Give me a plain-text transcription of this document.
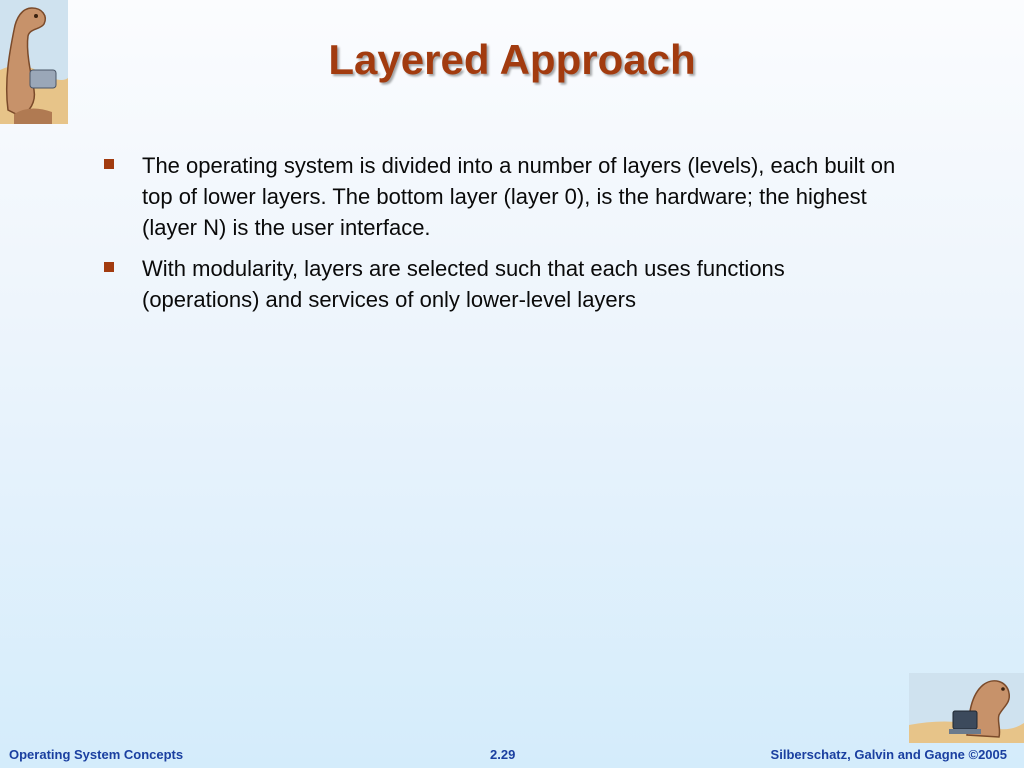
Layered Approach
The operating system is divided into a number of layers (levels), each built on top of lower layers. The bottom layer (layer 0), is the hardware; the highest (layer N) is the user interface.
With modularity, layers are selected such that each uses functions (operations) and services of only lower-level layers
Operating System Concepts	2.29	Silberschatz, Galvin and Gagne ©2005
